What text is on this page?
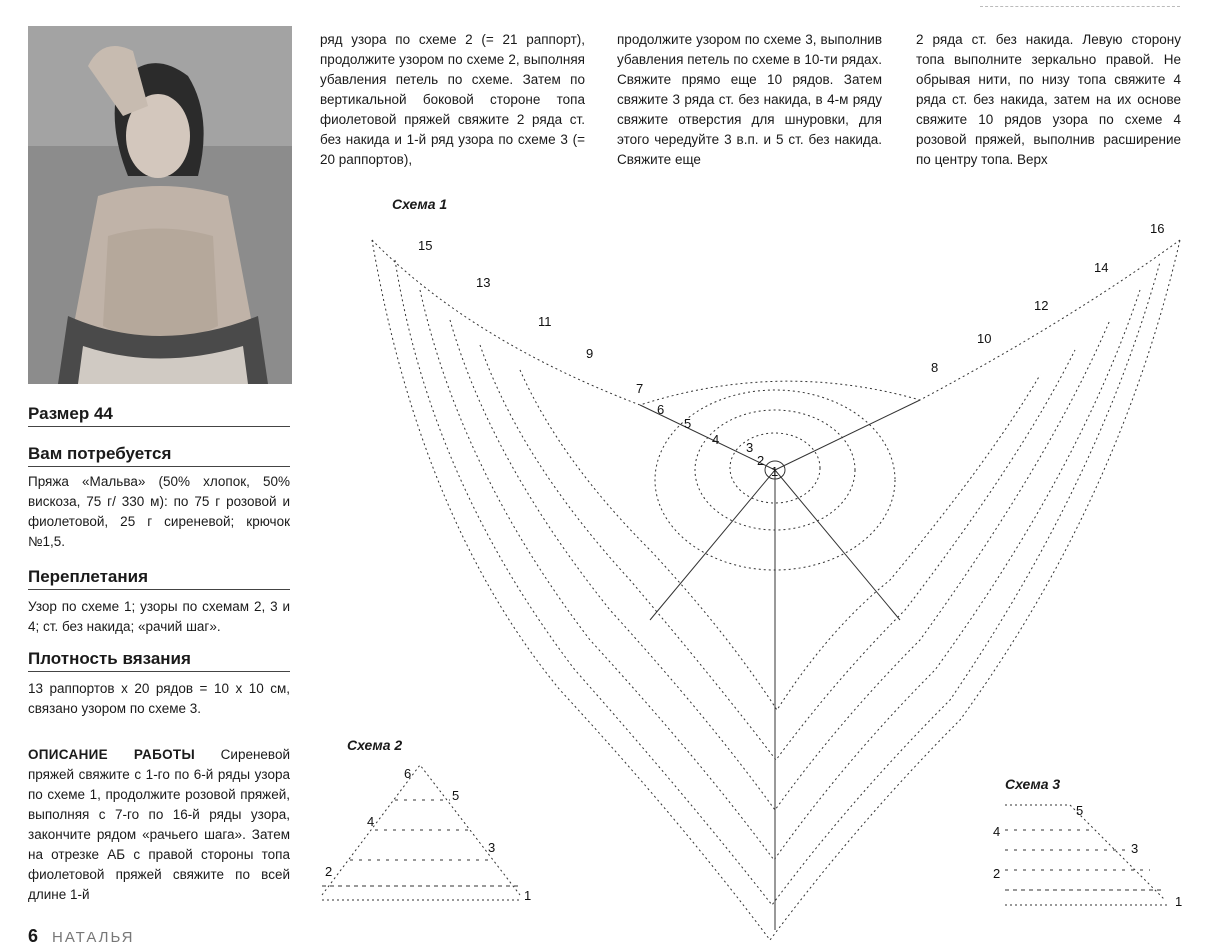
Размер 44
Вам потребуется
Пряжа «Мальва» (50% хлопок, 50% вискоза, 75 г/ 330 м): по 75 г розовой и фиолетовой, 25 г сиреневой; крючок №1,5.
Переплетания
Узор по схеме 1; узоры по схемам 2, 3 и 4; ст. без накида; «рачий шаг».
Плотность вязания
13 раппортов х 20 рядов = 10 х 10 см, связано узором по схеме 3.
ОПИСАНИЕ РАБОТЫ Сиреневой пряжей свяжите с 1-го по 6-й ряды узора по схеме 1, продолжите розовой пряжей, выполняя с 7-го по 16-й ряды узора, закончите рядом «рачьего шага». Затем на отрезке АБ с правой стороны топа фиолетовой пряжей свяжите по всей длине 1-й
ряд узора по схеме 2 (= 21 раппорт), продолжите узором по схеме 2, выполняя убавления петель по схеме. Затем по вертикальной боковой стороне топа фиолетовой пряжей свяжите 2 ряда ст. без накида и 1-й ряд узора по схеме 3 (= 20 раппортов),
продолжите узором по схеме 3, выполнив убавления петель по схеме в 10-ти рядах. Свяжите прямо еще 10 рядов. Затем свяжите 3 ряда ст. без накида, в 4-м ряду свяжите отверстия для шнуровки, для этого чередуйте 3 в.п. и 5 ст. без накида. Свяжите еще
2 ряда ст. без накида. Левую сторону топа выполните зеркально правой. Не обрывая нити, по низу топа свяжите 4 ряда ст. без накида, затем на их основе свяжите 10 рядов узора по схеме 4 розовой пряжей, выполнив расширение по центру топа. Верх
Схема 1
Схема 2
Схема 3
15
13
11
9
7
6
5
4
3
2
1
16
14
12
10
8
6
5
4
3
2
1
5
4
3
2
1
6 НАТАЛЬЯ
